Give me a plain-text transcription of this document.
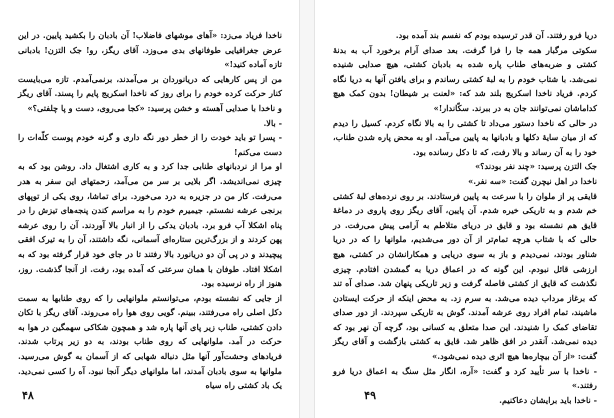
ناخدا فریاد می‌زد: «آهای موشهای فاضلاب! آن بادبان را بکشید پایین. در این عرض جغرافیایی طوفانهای بدی می‌وزد. آقای ریگز، رو! جک التزن! بادبانی تازه آماده کنید!»

من از پس کارهایی که دریانوردان بر می‌آمدند، برنمی‌آمدم. تازه می‌بایست کنار حرکت کرده خودم را برای روز که ناخدا اسکریج پایم را پسند. آقای ریگز و ناخدا با صدایی آهسته و خشن پرسید: «کجا می‌روی، دست و پا چلفتی؟»

- بالا.

- پسرا تو باید خودت را از خطر دور نگه داری و گرنه خودم پوست کلّه‌ات را دست می‌کنم!

او مرا از نردبانهای طنابی جدا کرد و به کاری اشتغال داد. روشن بود که به چیزی نمی‌اندیشد. اگر بلایی بر سر من می‌آمد، زحمتهای این سفر به هدر می‌رفت. کار من در جزیره به درد می‌خورد. برای تماشا، روی یکی از توپهای برنجی عرشه نشستم. جیمیرم خودم را به مراسم کندن پنجه‌های تیزش را در پناه اشکلا آب فرو برد. بادبان یدکی را از انبار بالا آوردند. آن را روی عرشه پهن کردند و از بزرگ‌ترین ستاره‌ای آسمانی، نگه داشتند، آن را به تیرک افقی پیچیدند و در پی آن دو دریانورد بالا رفتند تا در جای خود قرار گرفته بود که به اشکلا افتاد. طوفان با همان سرعتی که آمده بود، رفت. از آنجا گذشت. روز، هنوز از راه نرسیده بود.

از جایی که نشسته بودم، می‌توانستم ملوانهایی را که روی طنابها به سمت دکل اصلی راه می‌رفتند، ببینم. گویی روی هوا راه می‌روند. آقای ریگز با تکان دادن کشتی، طناب زیر پای آنها پاره شد و همچون شکاکی سهمگین در هوا به حرکت در آمد. ملوانهایی که روی طناب بودند، به دو زیر پرتاب شدند. فریادهای وحشت‌آور آنها مثل دنباله شهابی که از آسمان به گوش می‌رسید. ملوانها به سوی بادبان آمدند، اما ملوانهای دیگر آنجا نبود. آه را کسی نمی‌دید. یک باد کشتی راه سیاه

۴۸

دریا فرو رفتند. آن قدر ترسیده بودم که نفسم بند آمده بود.

سکوتی مرگبار همه جا را فرا گرفت. بعد صدای آرام برخورد آب به بدنهٔ کشتی و ضربه‌های طناب پاره شده به بادبان کشتی، هیچ صدایی شنیده نمی‌شد. با شتاب خودم را به لبهٔ کشتی رساندم و برای یافتن آنها به دریا نگاه کردم. فریاد ناخدا اسکریج بلند شد که: «لعنت بر شیطان! بدون کمک هیچ کداماشان نمی‌توانند جان به در ببرند. سکّاندار!»

در حالی که ناخدا دستور می‌داد تا کشتی را به بالا نگاه کردم. کسیل را دیدم که از میان سایهٔ دکلها و بادبانها به پایین می‌آمد. او به محض پاره شدن طناب، خود را به آن رساند و بالا رفت، که تا دکل رسانده بود.

جک التزن پرسید: «چند نفر بودند؟»

ناخدا در اهل نیچرن گفت: «سه نفر.»

قایقی پر از ملوان را با سرعت به پایین فرستادند. بر روی نرده‌های لبهٔ کشتی خم شدم و به تاریکی خیره شدم. آن پایین، آقای ریگز روی پاروی در دماغهٔ قایق هم نشسته بود و قایق در دریای متلاطم به آرامی پیش می‌رفت. در حالی که با شتاب هرچه تمام‌تر از آن دور می‌شدیم، ملوانها را که در دریا شناور بودند، نمی‌دیدم و باز به سوی دریایی و همکارانشان در کشتی، هیچ ارزشی قائل نبودم. این گونه که در اعماق دریا به گمشدن افتادم. چیزی نگذشت که قایق از کشتی فاصله گرفت و زیر تاریکی پنهان شد. صدای آه تند که برغاز مرداب دیده می‌شد. به سرم زد. به محض اینکه از حرکت ایستادن ماشیند، تمام افراد روی عرشه آمدند. گوش به تاریکی سپردند. از دور صدای تقاضای کمک را شنیدند. این صدا متعلق به کسانی بود، گرچه آن نهر بود که دیده نمی‌شد. آنقدر در افق ظاهر شد. قایق به کشتی بازگشت و آقای ریگز گفت: «از آن بیچاره‌ها هیچ اثری دیده نمی‌شود.»

- ناخدا با سر تأیید کرد و گفت: «آره، انگار مثل سنگ به اعماق دریا فرو رفتند.»

- ناخدا باید برایشان دعاکنیم.

۴۹
